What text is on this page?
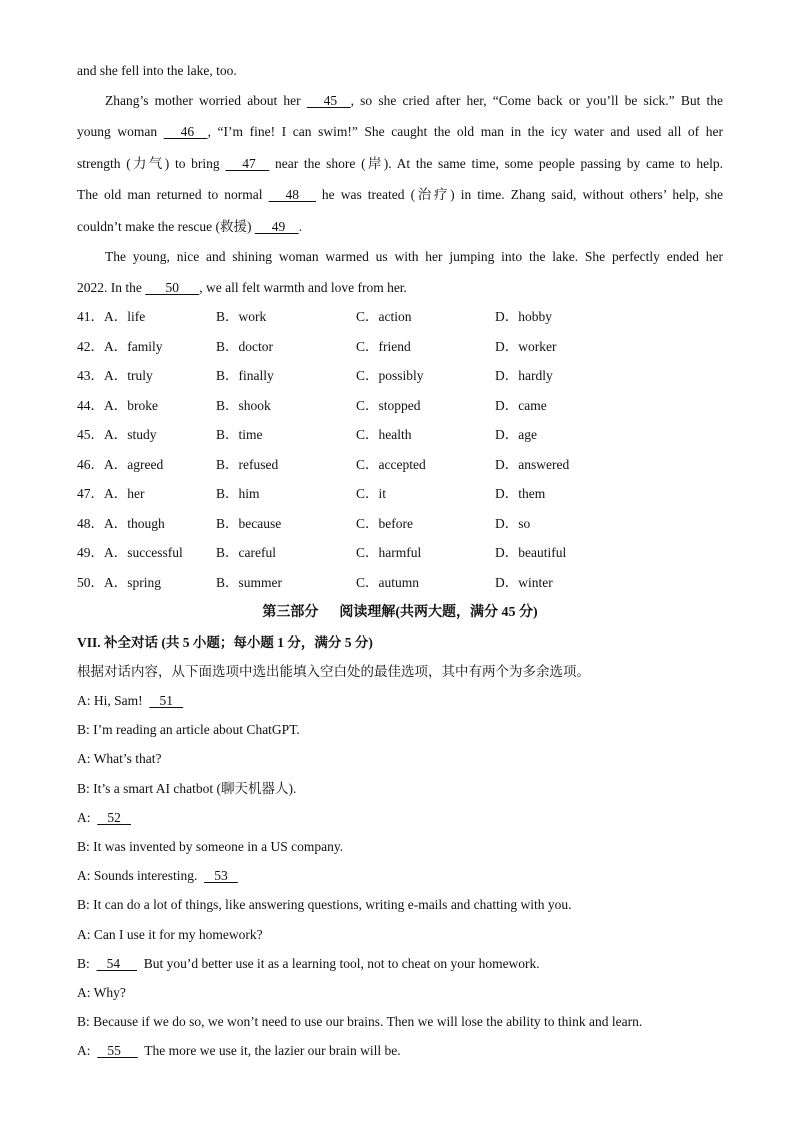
and she fell into the lake, too.
Zhang’s mother worried about her      45    , so she cried after her, “Come back or you’ll be sick.” But the
young woman      46    , “I’m fine! I can swim!” She caught the old man in the icy water and used all of her
strength (力气) to bring      47     near the shore (岸). At the same time, some people passing by came to help.
The old man returned to normal      48      he was treated (治疗) in time. Zhang said, without others’ help, she
couldn’t make the rescue (救援)      49    .
The young, nice and shining woman warmed us with her jumping into the lake. She perfectly ended her
2022. In the       50      , we all felt warmth and love from her.
41．A．life	B．work	C．action	D．hobby
42．A．family	B．doctor	C．friend	D．worker
43．A．truly	B．finally	C．possibly	D．hardly
44．A．broke	B．shook	C．stopped	D．came
45．A．study	B．time	C．health	D．age
46．A．agreed	B．refused	C．accepted	D．answered
47．A．her	B．him	C．it	D．them
48．A．though	B．because	C．before	D．so
49．A．successful B．careful	C．harmful	D．beautiful
50．A．spring	B．summer	C．autumn	D．winter
第三部分      阅读理解(共两大题，满分 45 分)
VII. 补全对话 (共 5 小题；每小题 1 分，满分 5 分)
根据对话内容，从下面选项中选出能填入空白处的最佳选项，其中有两个为多余选项。
A: Hi, Sam!     51
B: I’m reading an article about ChatGPT.
A: What’s that?
B: It’s a smart AI chatbot (聊天机器人).
A:     52
B: It was invented by someone in a US company.
A: Sounds interesting.     53
B: It can do a lot of things, like answering questions, writing e-mails and chatting with you.
A: Can I use it for my homework?
B:     54       But you’d better use it as a learning tool, not to cheat on your homework.
A: Why?
B: Because if we do so, we won’t need to use our brains. Then we will lose the ability to think and learn.
A:     55       The more we use it, the lazier our brain will be.
